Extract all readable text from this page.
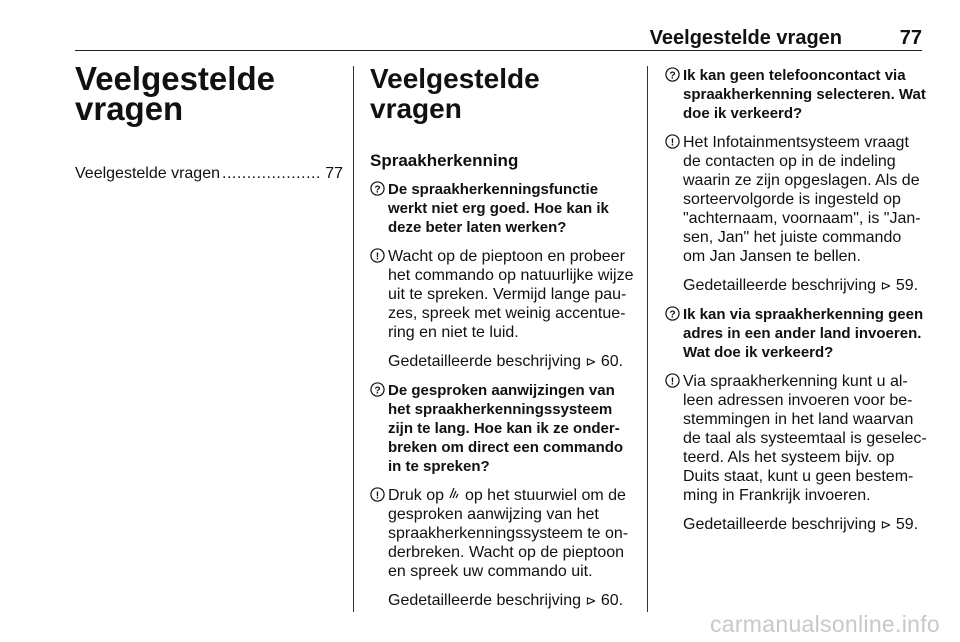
Veelgestelde vragen	77
Veelgestelde vragen
Veelgestelde vragen .................... 77
Veelgestelde vragen
Spraakherkenning
? De spraakherkenningsfunctie werkt niet erg goed. Hoe kan ik deze beter laten werken?
! Wacht op de pieptoon en probeer het commando op natuurlijke wijze uit te spreken. Vermijd lange pauzes, spreek met weinig accentuering en niet te luid.
Gedetailleerde beschrijving ⊳ 60.
? De gesproken aanwijzingen van het spraakherkenningssysteem zijn te lang. Hoe kan ik ze onderbreken om direct een commando in te spreken?
! Druk op op het stuurwiel om de gesproken aanwijzing van het spraakherkenningssysteem te onderbreken. Wacht op de pieptoon en spreek uw commando uit.
Gedetailleerde beschrijving ⊳ 60.
? Ik kan geen telefooncontact via spraakherkenning selecteren. Wat doe ik verkeerd?
! Het Infotainmentsysteem vraagt de contacten op in de indeling waarin ze zijn opgeslagen. Als de sorteervolgorde is ingesteld op "achternaam, voornaam", is "Jansen, Jan" het juiste commando om Jan Jansen te bellen.
Gedetailleerde beschrijving ⊳ 59.
? Ik kan via spraakherkenning geen adres in een ander land invoeren. Wat doe ik verkeerd?
! Via spraakherkenning kunt u alleen adressen invoeren voor bestemmingen in het land waarvan de taal als systeemtaal is geselecteerd. Als het systeem bijv. op Duits staat, kunt u geen bestemming in Frankrijk invoeren.
Gedetailleerde beschrijving ⊳ 59.
carmanualsonline.info
